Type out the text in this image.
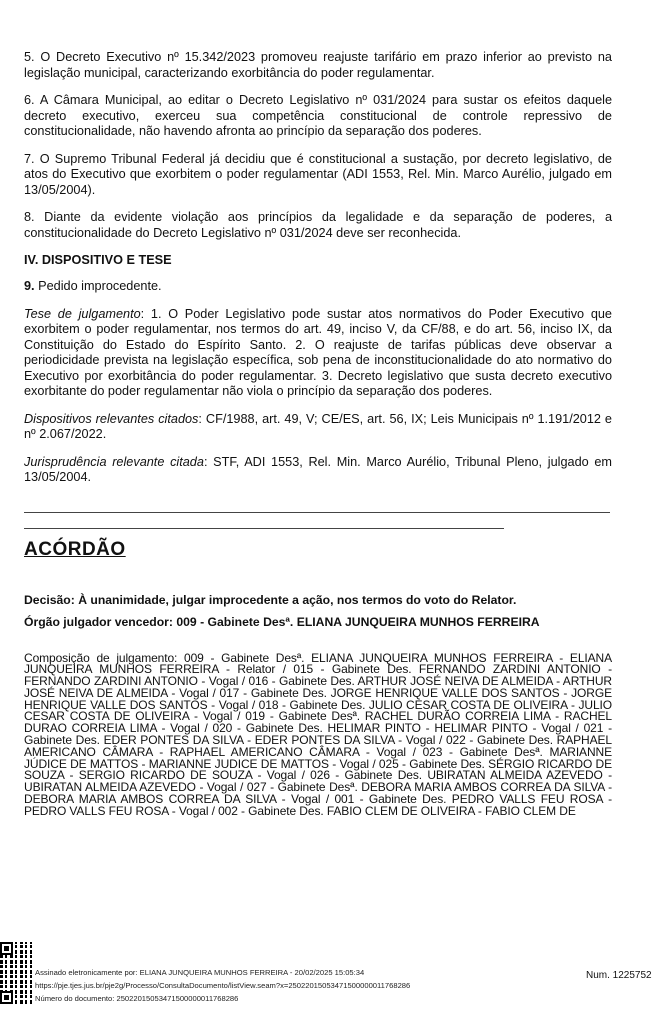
5. O Decreto Executivo nº 15.342/2023 promoveu reajuste tarifário em prazo inferior ao previsto na legislação municipal, caracterizando exorbitância do poder regulamentar.

6. A Câmara Municipal, ao editar o Decreto Legislativo nº 031/2024 para sustar os efeitos daquele decreto executivo, exerceu sua competência constitucional de controle repressivo de constitucionalidade, não havendo afronta ao princípio da separação dos poderes.

7. O Supremo Tribunal Federal já decidiu que é constitucional a sustação, por decreto legislativo, de atos do Executivo que exorbitem o poder regulamentar (ADI 1553, Rel. Min. Marco Aurélio, julgado em 13/05/2004).

8. Diante da evidente violação aos princípios da legalidade e da separação de poderes, a constitucionalidade do Decreto Legislativo nº 031/2024 deve ser reconhecida.

IV. DISPOSITIVO E TESE

9. Pedido improcedente.

Tese de julgamento: 1. O Poder Legislativo pode sustar atos normativos do Poder Executivo que exorbitem o poder regulamentar, nos termos do art. 49, inciso V, da CF/88, e do art. 56, inciso IX, da Constituição do Estado do Espírito Santo. 2. O reajuste de tarifas públicas deve observar a periodicidade prevista na legislação específica, sob pena de inconstitucionalidade do ato normativo do Executivo por exorbitância do poder regulamentar. 3. Decreto legislativo que susta decreto executivo exorbitante do poder regulamentar não viola o princípio da separação dos poderes.

Dispositivos relevantes citados: CF/1988, art. 49, V; CE/ES, art. 56, IX; Leis Municipais nº 1.191/2012 e nº 2.067/2022.

Jurisprudência relevante citada: STF, ADI 1553, Rel. Min. Marco Aurélio, Tribunal Pleno, julgado em 13/05/2004.

ACÓRDÃO

Decisão: À unanimidade, julgar improcedente a ação, nos termos do voto do Relator.
Órgão julgador vencedor: 009 - Gabinete Desª. ELIANA JUNQUEIRA MUNHOS FERREIRA
Composição de julgamento: 009 - Gabinete Desª. ELIANA JUNQUEIRA MUNHOS FERREIRA - ELIANA JUNQUEIRA MUNHOS FERREIRA - Relator / 015 - Gabinete Des. FERNANDO ZARDINI ANTONIO - FERNANDO ZARDINI ANTONIO - Vogal / 016 - Gabinete Des. ARTHUR JOSÉ NEIVA DE ALMEIDA - ARTHUR JOSÉ NEIVA DE ALMEIDA - Vogal / 017 - Gabinete Des. JORGE HENRIQUE VALLE DOS SANTOS - JORGE HENRIQUE VALLE DOS SANTOS - Vogal / 018 - Gabinete Des. JULIO CESAR COSTA DE OLIVEIRA - JULIO CESAR COSTA DE OLIVEIRA - Vogal / 019 - Gabinete Desª. RACHEL DURÃO CORREIA LIMA - RACHEL DURAO CORREIA LIMA - Vogal / 020 - Gabinete Des. HELIMAR PINTO - HELIMAR PINTO - Vogal / 021 - Gabinete Des. EDER PONTES DA SILVA - EDER PONTES DA SILVA - Vogal / 022 - Gabinete Des. RAPHAEL AMERICANO CÂMARA - RAPHAEL AMERICANO CÂMARA - Vogal / 023 - Gabinete Desª. MARIANNE JÚDICE DE MATTOS - MARIANNE JUDICE DE MATTOS - Vogal / 025 - Gabinete Des. SÉRGIO RICARDO DE SOUZA - SERGIO RICARDO DE SOUZA - Vogal / 026 - Gabinete Des. UBIRATAN ALMEIDA AZEVEDO - UBIRATAN ALMEIDA AZEVEDO - Vogal / 027 - Gabinete Desª. DEBORA MARIA AMBOS CORREA DA SILVA - DEBORA MARIA AMBOS CORREA DA SILVA - Vogal / 001 - Gabinete Des. PEDRO VALLS FEU ROSA - PEDRO VALLS FEU ROSA - Vogal / 002 - Gabinete Des. FABIO CLEM DE OLIVEIRA - FABIO CLEM DE
Assinado eletronicamente por: ELIANA JUNQUEIRA MUNHOS FERREIRA - 20/02/2025 15:05:34
https://pje.tjes.jus.br/pje2g/Processo/ConsultaDocumento/listView.seam?x=25022015053471500000011768286
Número do documento: 25022015053471500000011768286
Num. 1225752
